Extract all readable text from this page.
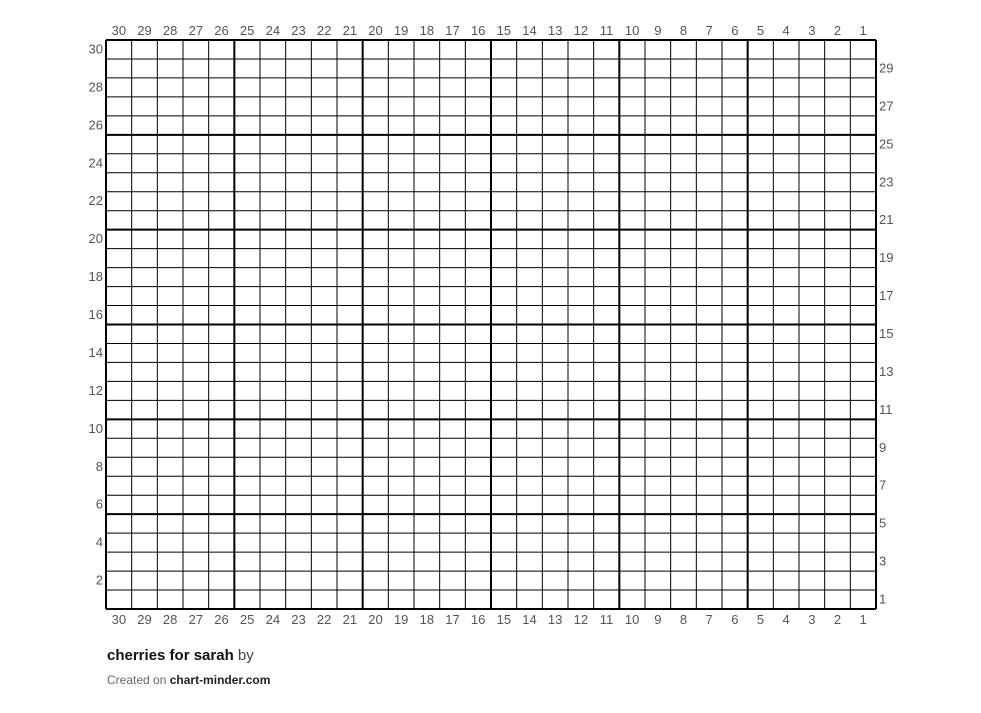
30
30
29
29
28
28
27
27
26
26
25
25
24
24
23
23
22
22
21
21
20
20
19
19
18
18
17
17
16
16
15
15
14
14
13
13
12
12
11
11
10
10
9
9
8
8
7
7
6
6
5
5
4
4
3
3
2
2
1
1
1
2
3
4
5
6
7
8
9
10
11
12
13
14
15
16
17
18
19
20
21
22
23
24
25
26
27
28
29
30
cherries for sarah by
Created on chart-minder.com
